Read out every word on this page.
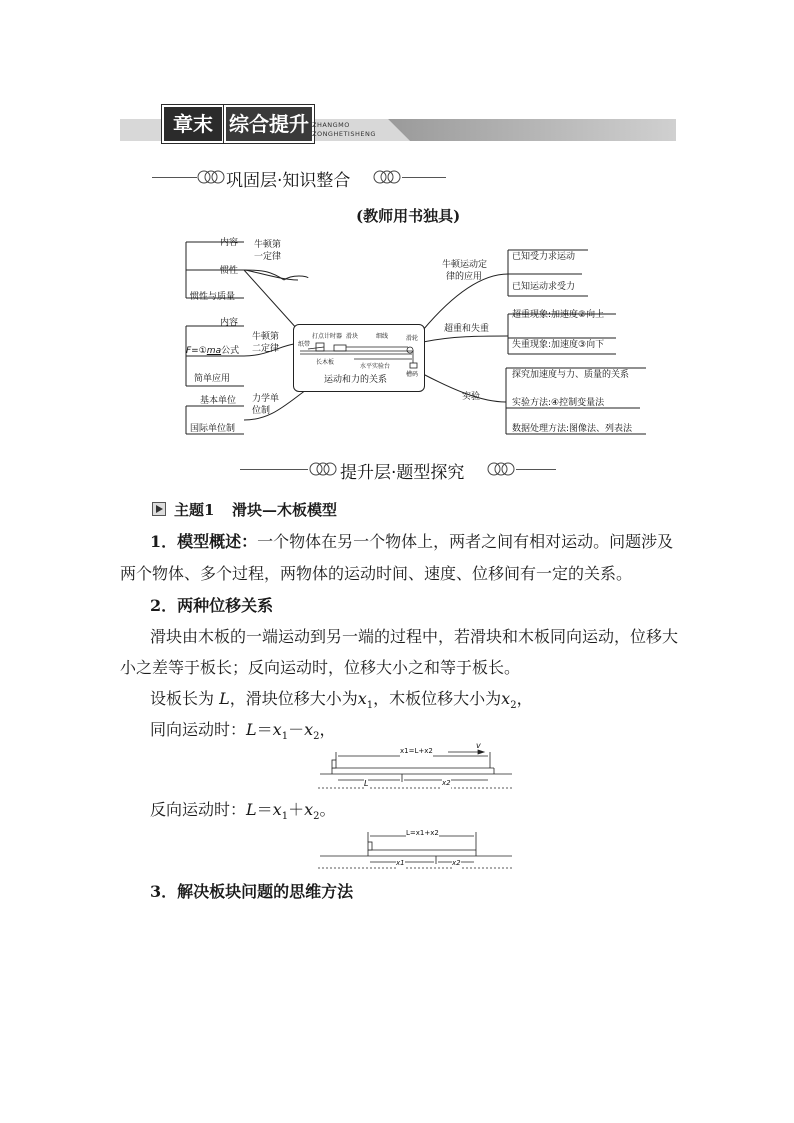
章末 综合提升 ZHANGMO
ZONGHETISHENG
巩固层·知识整合
(教师用书独具)
内容
惯性
惯性与质量
牛顿第
一定律
内容
F=①ma公式
简单应用
牛顿第
二定律
基本单位
国际单位制
力学单
位制
打点计时器 滑块	细线
纸带
长木板
水平实验台
滑轮
槽码
运动和力的关系
牛顿运动定
律的应用
已知受力求运动
已知运动求受力
超重和失重
超重现象:加速度②向上
失重现象:加速度③向下
实验
探究加速度与力、质量的关系
实验方法:④控制变量法
数据处理方法:图像法、列表法
提升层·题型探究
主题1 滑块—木板模型
1．模型概述：一个物体在另一个物体上，两者之间有相对运动。问题涉及
两个物体、多个过程，两物体的运动时间、速度、位移间有一定的关系。
2．两种位移关系
滑块由木板的一端运动到另一端的过程中，若滑块和木板同向运动，位移大
小之差等于板长；反向运动时，位移大小之和等于板长。
设板长为 L，滑块位移大小为$x_1$，木板位移大小为$x_2$，
同向运动时：$L=x_1-x_2$，
x1=L+x2
v
L	x2
反向运动时：$L=x_1+x_2$。
L=x1+x2
x1	x2
3．解决板块问题的思维方法
